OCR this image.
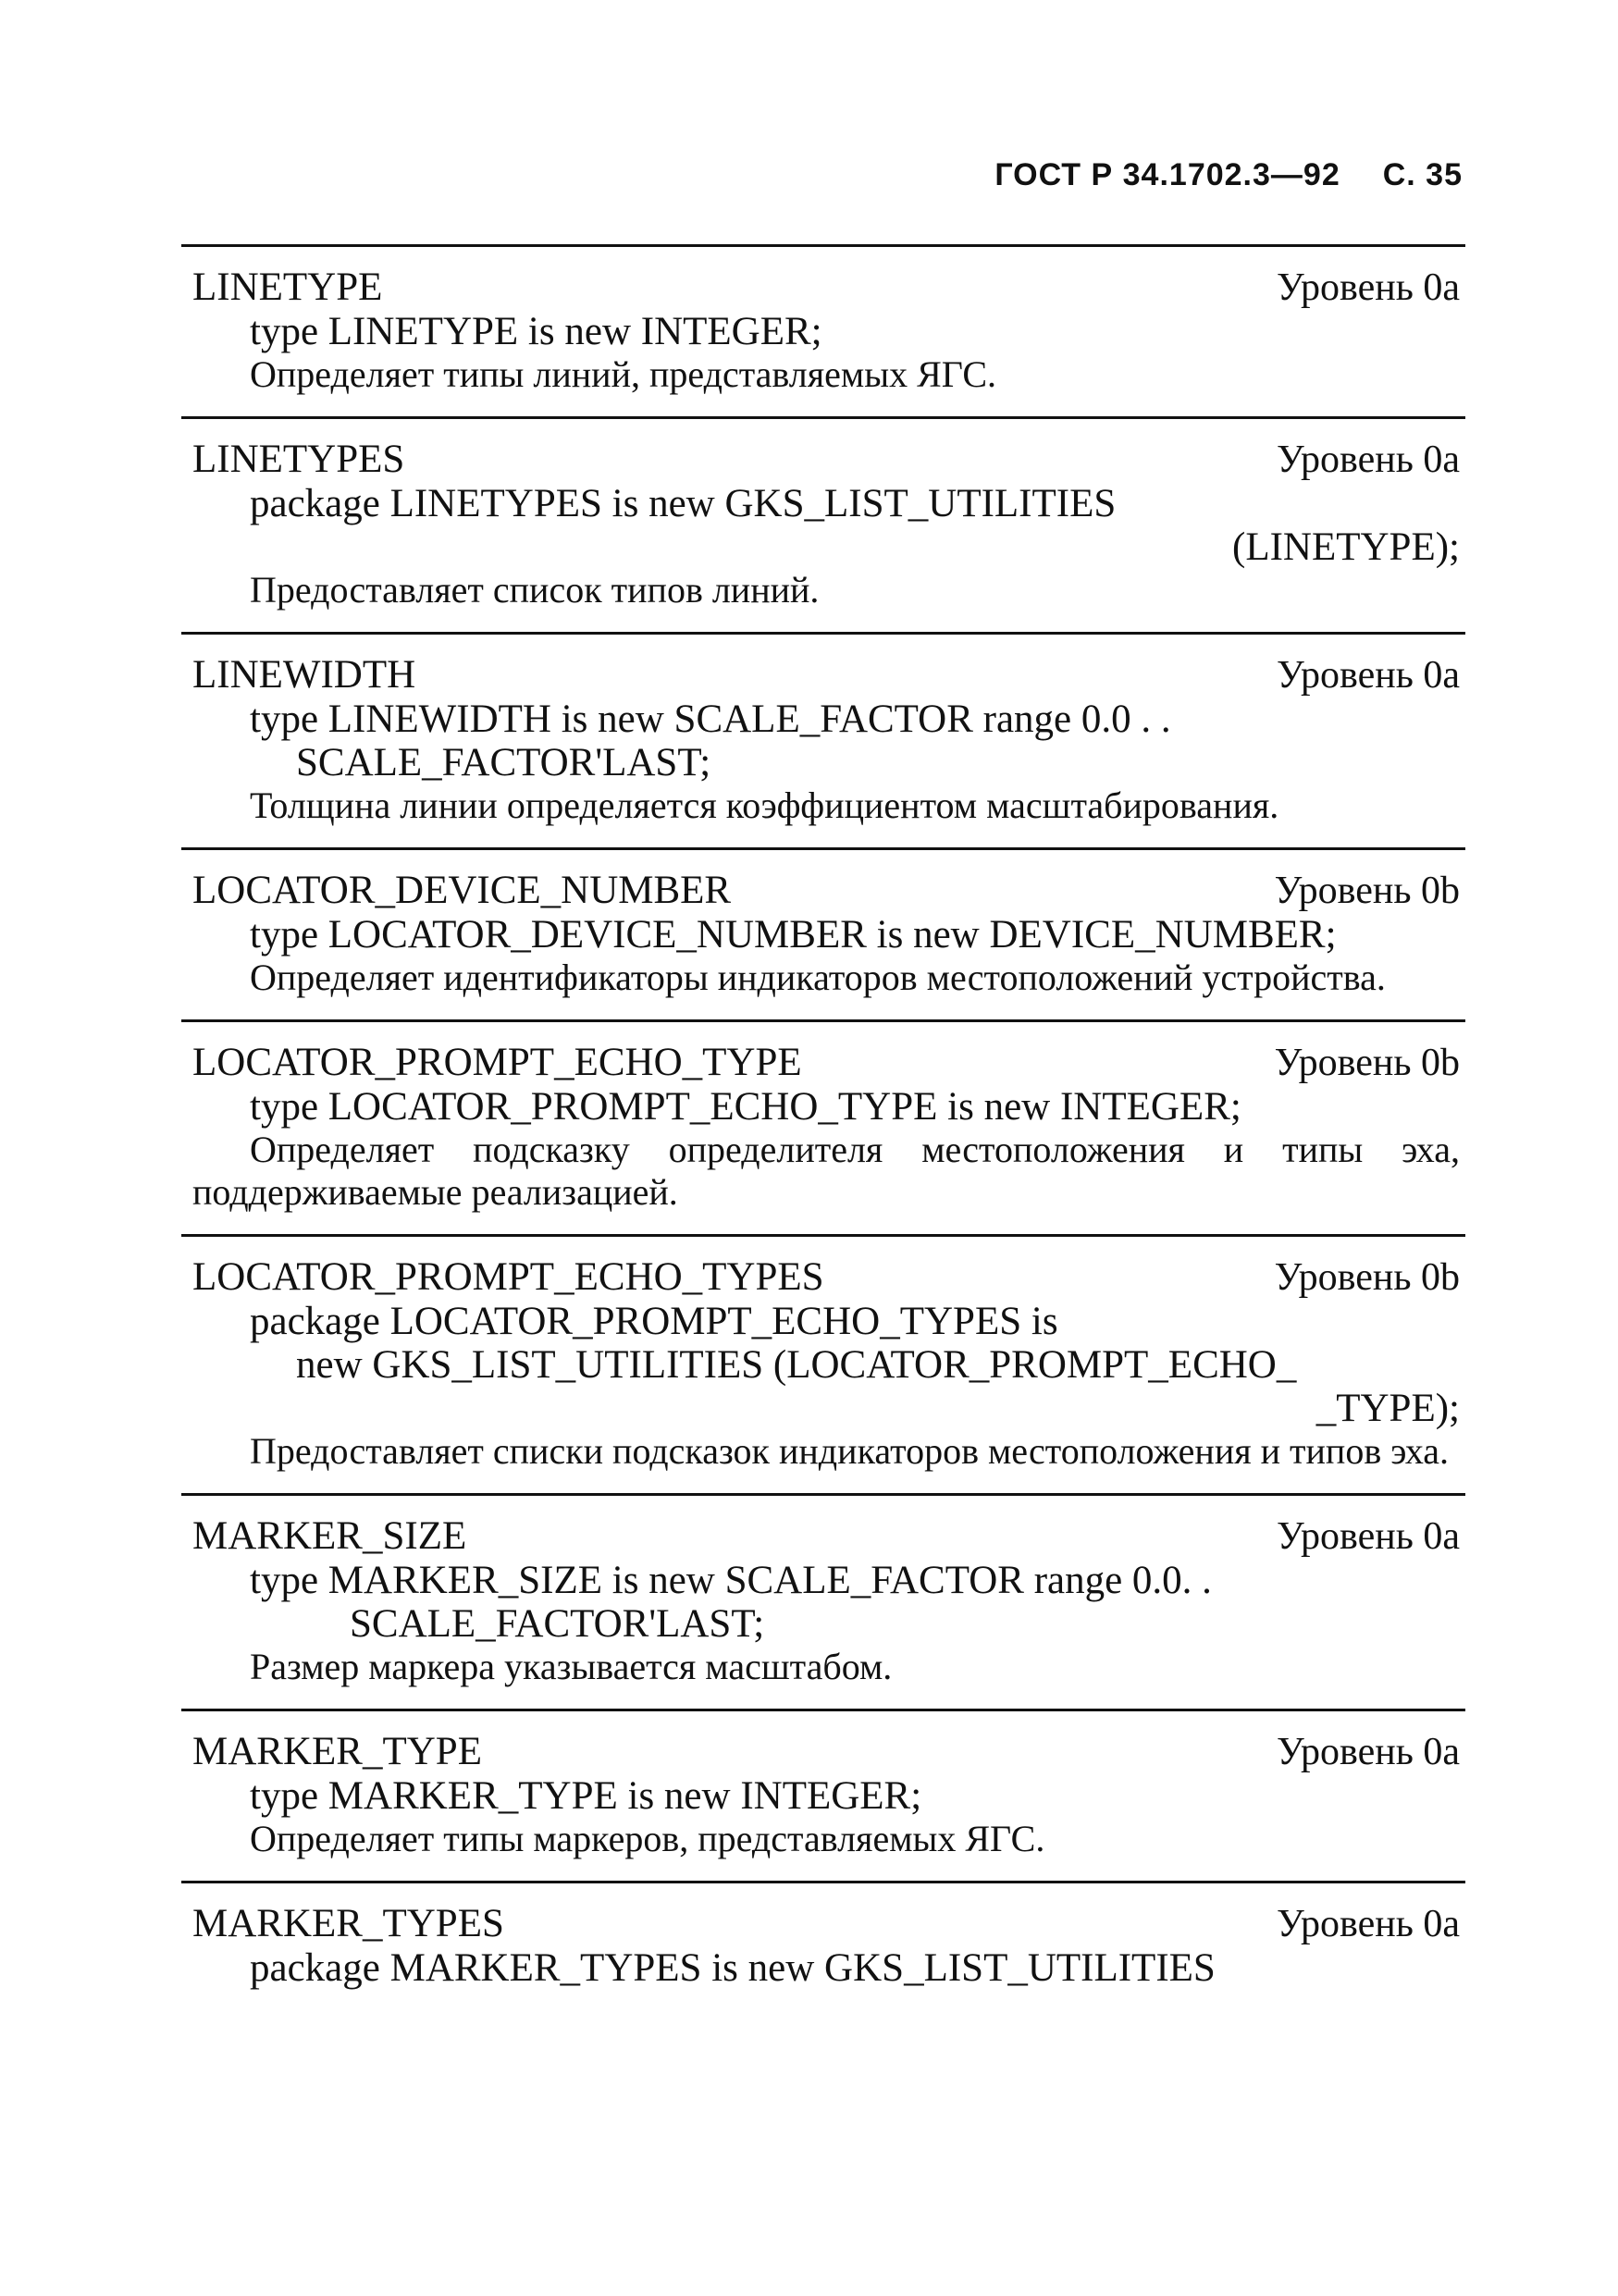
ГОСТ Р 34.1702.3—92 С. 35
LINETYPE	Уровень 0a
type LINETYPE is new INTEGER;
Определяет типы линий, представляемых ЯГС.
LINETYPES	Уровень 0a
package LINETYPES is new GKS_LIST_UTILITIES
(LINETYPE);
Предоставляет список типов линий.
LINEWIDTH	Уровень 0a
type LINEWIDTH is new SCALE_FACTOR range 0.0 . .
SCALE_FACTOR'LAST;
Толщина линии определяется коэффициентом масштабирования.
LOCATOR_DEVICE_NUMBER	Уровень 0b
type LOCATOR_DEVICE_NUMBER is new DEVICE_NUMBER;
Определяет идентификаторы индикаторов местоположений устройства.
LOCATOR_PROMPT_ECHO_TYPE	Уровень 0b
type LOCATOR_PROMPT_ECHO_TYPE is new INTEGER;
Определяет подсказку определителя местоположения и типы эха, поддерживаемые реализацией.
LOCATOR_PROMPT_ECHO_TYPES	Уровень 0b
package LOCATOR_PROMPT_ECHO_TYPES is
new GKS_LIST_UTILITIES (LOCATOR_PROMPT_ECHO_
_TYPE);
Предоставляет списки подсказок индикаторов местоположения и типов эха.
MARKER_SIZE	Уровень 0a
type MARKER_SIZE is new SCALE_FACTOR range 0.0. .
SCALE_FACTOR'LAST;
Размер маркера указывается масштабом.
MARKER_TYPE	Уровень 0a
type MARKER_TYPE is new INTEGER;
Определяет типы маркеров, представляемых ЯГС.
MARKER_TYPES	Уровень 0a
package MARKER_TYPES is new GKS_LIST_UTILITIES
